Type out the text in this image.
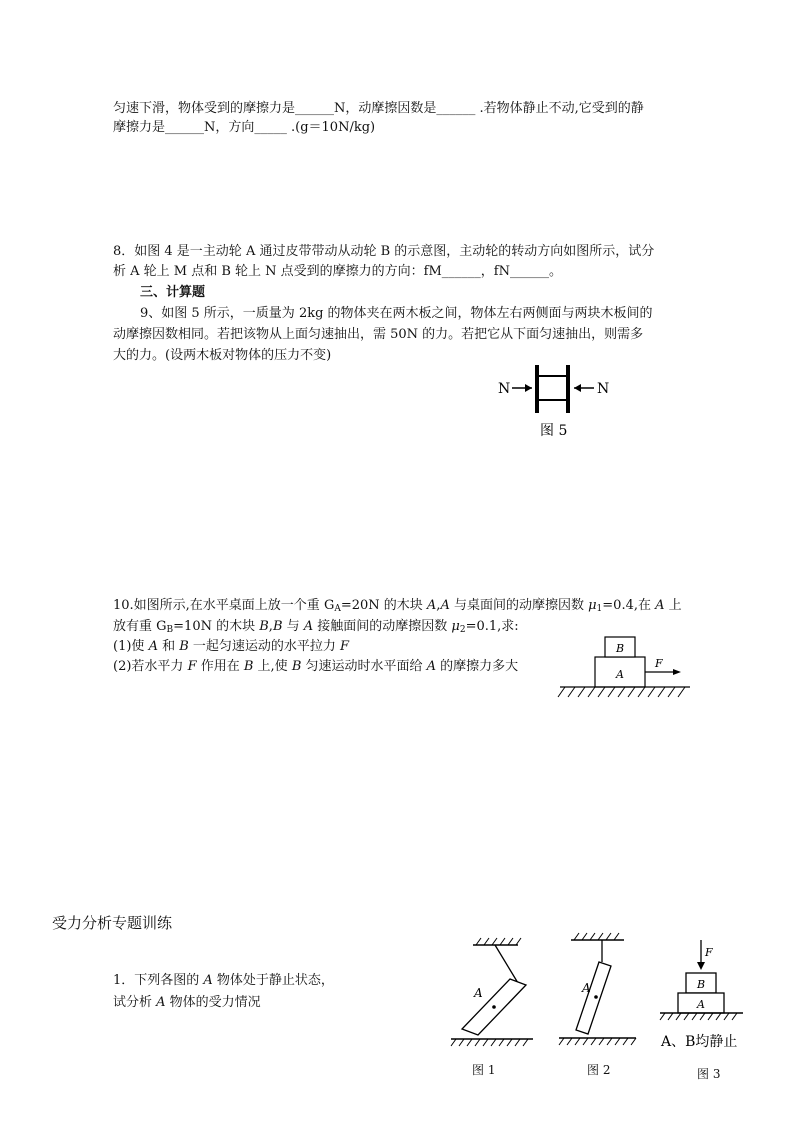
匀速下滑，物体受到的摩擦力是______N，动摩擦因数是______ .若物体静止不动,它受到的静
摩擦力是______N，方向_____ .(g＝10N/kg)
8．如图 4 是一主动轮 A 通过皮带带动从动轮 B 的示意图，主动轮的转动方向如图所示，试分
析 A 轮上 M 点和 B 轮上 N 点受到的摩擦力的方向：fM______，fN______。
三、计算题
9、如图 5 所示，一质量为 2kg 的物体夹在两木板之间，物体左右两侧面与两块木板间的
动摩擦因数相同。若把该物从上面匀速抽出，需 50N 的力。若把它从下面匀速抽出，则需多
大的力。(设两木板对物体的压力不变)
N	N
图 5
10.如图所示,在水平桌面上放一个重 $G_A=20N$ 的木块 A,A 与桌面间的动摩擦因数 $\mu_1=0.4$,在 A 上
放有重 $G_B=10N$ 的木块 B,B 与 A 接触面间的动摩擦因数 $\mu_2=0.1$,求:
(1)使 A 和 B 一起匀速运动的水平拉力 F
(2)若水平力 F 作用在 B 上,使 B 匀速运动时水平面给 A 的摩擦力多大
B
A
F
受力分析专题训练
1．下列各图的 A 物体处于静止状态，
试分析 A 物体的受力情况
A
图 1
A
图 2
F
B
A
A、B均静止
图 3
